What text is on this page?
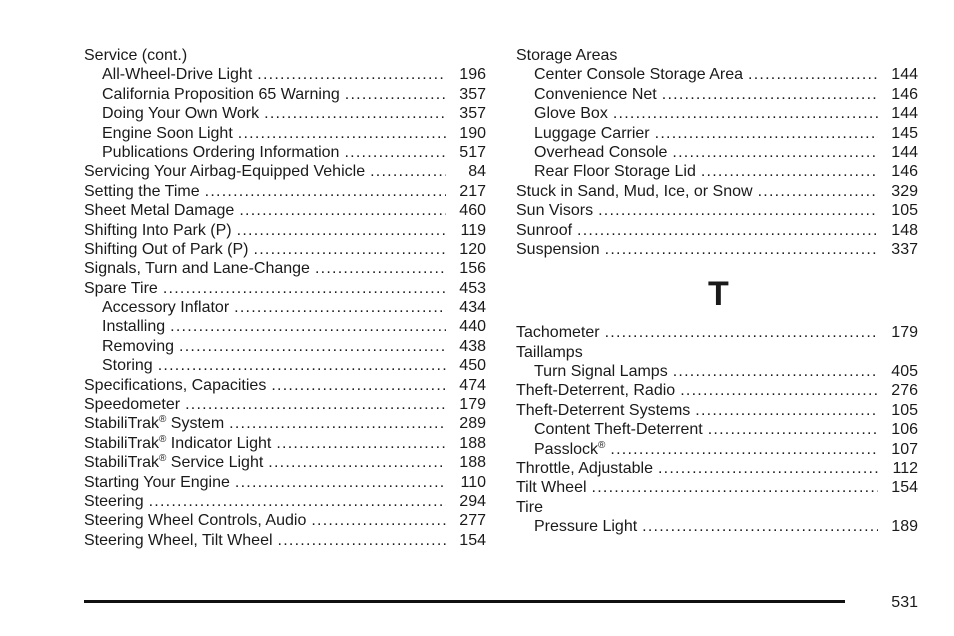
Service (cont.)
All-Wheel-Drive Light . . .	196
California Proposition 65 Warning . . .	357
Doing Your Own Work . . .	357
Engine Soon Light . . .	190
Publications Ordering Information . . .	517
Servicing Your Airbag-Equipped Vehicle . . .	84
Setting the Time . . .	217
Sheet Metal Damage . . .	460
Shifting Into Park (P) . . .	119
Shifting Out of Park (P) . . .	120
Signals, Turn and Lane-Change . . .	156
Spare Tire . . .	453
Accessory Inflator . . .	434
Installing . . .	440
Removing . . .	438
Storing . . .	450
Specifications, Capacities . . .	474
Speedometer . . .	179
StabiliTrak® System . . .	289
StabiliTrak® Indicator Light . . .	188
StabiliTrak® Service Light . . .	188
Starting Your Engine . . .	110
Steering . . .	294
Steering Wheel Controls, Audio . . .	277
Steering Wheel, Tilt Wheel . . .	154
Storage Areas
Center Console Storage Area . . .	144
Convenience Net . . .	146
Glove Box . . .	144
Luggage Carrier . . .	145
Overhead Console . . .	144
Rear Floor Storage Lid . . .	146
Stuck in Sand, Mud, Ice, or Snow . . .	329
Sun Visors . . .	105
Sunroof . . .	148
Suspension . . .	337
T
Tachometer . . .	179
Taillamps
Turn Signal Lamps . . .	405
Theft-Deterrent, Radio . . .	276
Theft-Deterrent Systems . . .	105
Content Theft-Deterrent . . .	106
Passlock® . . .	107
Throttle, Adjustable . . .	112
Tilt Wheel . . .	154
Tire
Pressure Light . . .	189
531
